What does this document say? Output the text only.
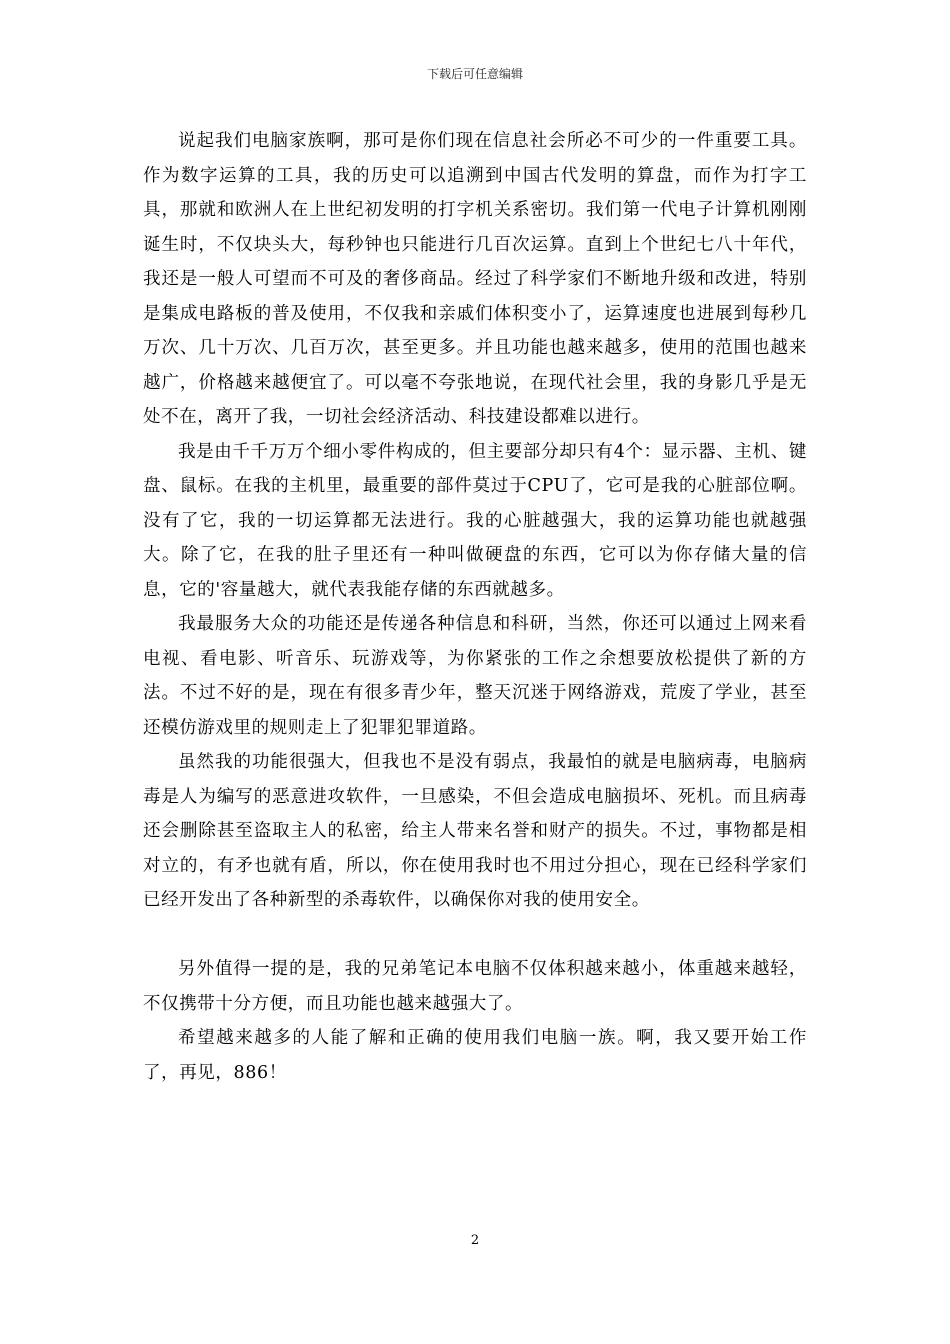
下载后可任意编辑

说起我们电脑家族啊，那可是你们现在信息社会所必不可少的一件重要工具。作为数字运算的工具，我的历史可以追溯到中国古代发明的算盘，而作为打字工具，那就和欧洲人在上世纪初发明的打字机关系密切。我们第一代电子计算机刚刚诞生时，不仅块头大，每秒钟也只能进行几百次运算。直到上个世纪七八十年代，我还是一般人可望而不可及的奢侈商品。经过了科学家们不断地升级和改进，特别是集成电路板的普及使用，不仅我和亲戚们体积变小了，运算速度也进展到每秒几万次、几十万次、几百万次，甚至更多。并且功能也越来越多，使用的范围也越来越广，价格越来越便宜了。可以毫不夸张地说，在现代社会里，我的身影几乎是无处不在，离开了我，一切社会经济活动、科技建设都难以进行。

我是由千千万万个细小零件构成的，但主要部分却只有4个：显示器、主机、键盘、鼠标。在我的主机里，最重要的部件莫过于CPU了，它可是我的心脏部位啊。没有了它，我的一切运算都无法进行。我的心脏越强大，我的运算功能也就越强大。除了它，在我的肚子里还有一种叫做硬盘的东西，它可以为你存储大量的信息，它的'容量越大，就代表我能存储的东西就越多。

我最服务大众的功能还是传递各种信息和科研，当然，你还可以通过上网来看电视、看电影、听音乐、玩游戏等，为你紧张的工作之余想要放松提供了新的方法。不过不好的是，现在有很多青少年，整天沉迷于网络游戏，荒废了学业，甚至还模仿游戏里的规则走上了犯罪犯罪道路。

虽然我的功能很强大，但我也不是没有弱点，我最怕的就是电脑病毒，电脑病毒是人为编写的恶意进攻软件，一旦感染，不但会造成电脑损坏、死机。而且病毒还会删除甚至盗取主人的私密，给主人带来名誉和财产的损失。不过，事物都是相对立的，有矛也就有盾，所以，你在使用我时也不用过分担心，现在已经科学家们已经开发出了各种新型的杀毒软件，以确保你对我的使用安全。

另外值得一提的是，我的兄弟笔记本电脑不仅体积越来越小，体重越来越轻，不仅携带十分方便，而且功能也越来越强大了。

希望越来越多的人能了解和正确的使用我们电脑一族。啊，我又要开始工作了，再见，886！

2
